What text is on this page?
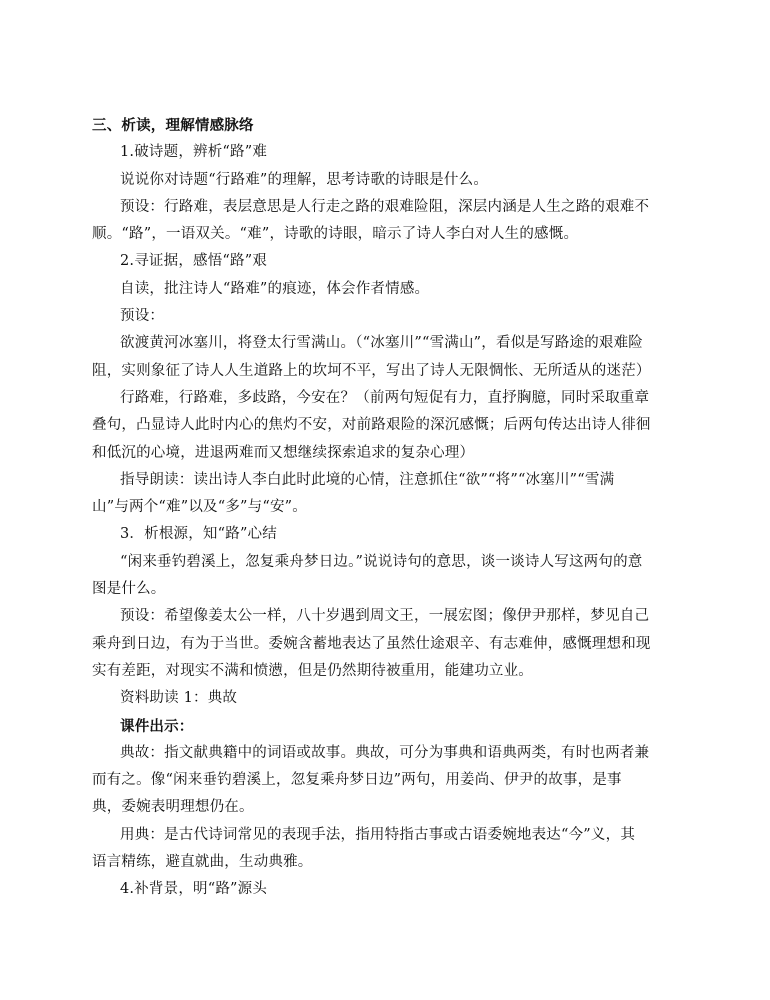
三、析读，理解情感脉络
1.破诗题，辨析“路”难
说说你对诗题“行路难”的理解，思考诗歌的诗眼是什么。
预设：行路难，表层意思是人行走之路的艰难险阻，深层内涵是人生之路的艰难不
顺。“路”，一语双关。“难”，诗歌的诗眼，暗示了诗人李白对人生的感慨。
2.寻证据，感悟“路”艰
自读，批注诗人“路难”的痕迹，体会作者情感。
预设：
欲渡黄河冰塞川，将登太行雪满山。（“冰塞川”“雪满山”，看似是写路途的艰难险
阻，实则象征了诗人人生道路上的坎坷不平，写出了诗人无限惆怅、无所适从的迷茫）
行路难，行路难，多歧路，今安在？（前两句短促有力，直抒胸臆，同时采取重章
叠句，凸显诗人此时内心的焦灼不安，对前路艰险的深沉感慨；后两句传达出诗人徘徊
和低沉的心境，进退两难而又想继续探索追求的复杂心理）
指导朗读：读出诗人李白此时此境的心情，注意抓住“欲”“将”“冰塞川”“雪满
山”与两个“难”以及“多”与“安”。
3．析根源，知“路”心结
“闲来垂钓碧溪上，忽复乘舟梦日边。”说说诗句的意思，谈一谈诗人写这两句的意
图是什么。
预设：希望像姜太公一样，八十岁遇到周文王，一展宏图；像伊尹那样，梦见自己
乘舟到日边，有为于当世。委婉含蓄地表达了虽然仕途艰辛、有志难伸，感慨理想和现
实有差距，对现实不满和愤懑，但是仍然期待被重用，能建功立业。
资料助读 1：典故
课件出示：
典故：指文献典籍中的词语或故事。典故，可分为事典和语典两类，有时也两者兼
而有之。像“闲来垂钓碧溪上，忽复乘舟梦日边”两句，用姜尚、伊尹的故事，是事
典，委婉表明理想仍在。
用典：是古代诗词常见的表现手法，指用特指古事或古语委婉地表达“今”义，其
语言精练，避直就曲，生动典雅。
4.补背景，明“路”源头
